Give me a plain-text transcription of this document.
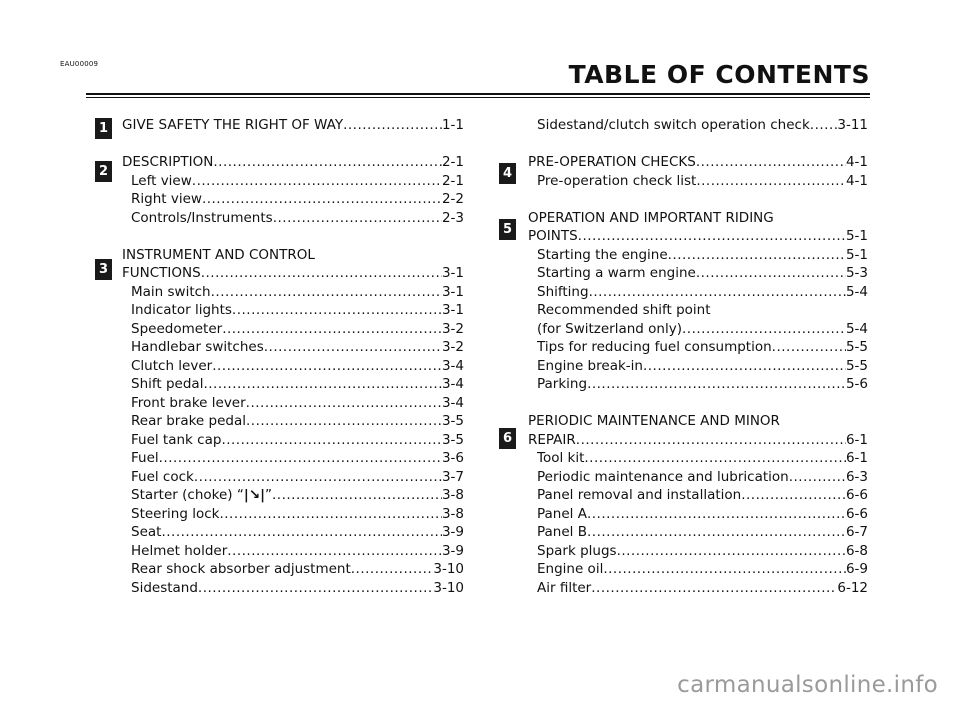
EAU00009	TABLE OF CONTENTS
1
2
3
4
5
6
GIVE SAFETY THE RIGHT OF WAY .....	1-1
DESCRIPTION .....	2-1
Left view .....	2-1
Right view .....	2-2
Controls/Instruments .....	2-3
INSTRUMENT AND CONTROL
FUNCTIONS .....	3-1
Main switch .....	3-1
Indicator lights .....	3-1
Speedometer .....	3-2
Handlebar switches .....	3-2
Clutch lever .....	3-4
Shift pedal .....	3-4
Front brake lever .....	3-4
Rear brake pedal .....	3-5
Fuel tank cap .....	3-5
Fuel .....	3-6
Fuel cock .....	3-7
Starter (choke) “|↘|” .....	3-8
Steering lock .....	3-8
Seat .....	3-9
Helmet holder .....	3-9
Rear shock absorber adjustment .....	3-10
Sidestand .....	3-10
Sidestand/clutch switch operation check ..... 3-11
PRE-OPERATION CHECKS .....	4-1
Pre-operation check list .....	4-1
OPERATION AND IMPORTANT RIDING
POINTS .....	5-1
Starting the engine .....	5-1
Starting a warm engine .....	5-3
Shifting .....	5-4
Recommended shift point
(for Switzerland only) .....	5-4
Tips for reducing fuel consumption .....	5-5
Engine break-in .....	5-5
Parking .....	5-6
PERIODIC MAINTENANCE AND MINOR
REPAIR .....	6-1
Tool kit .....	6-1
Periodic maintenance and lubrication .....	6-3
Panel removal and installation .....	6-6
Panel A .....	6-6
Panel B .....	6-7
Spark plugs .....	6-8
Engine oil .....	6-9
Air filter .....	6-12
carmanualsonline.info
